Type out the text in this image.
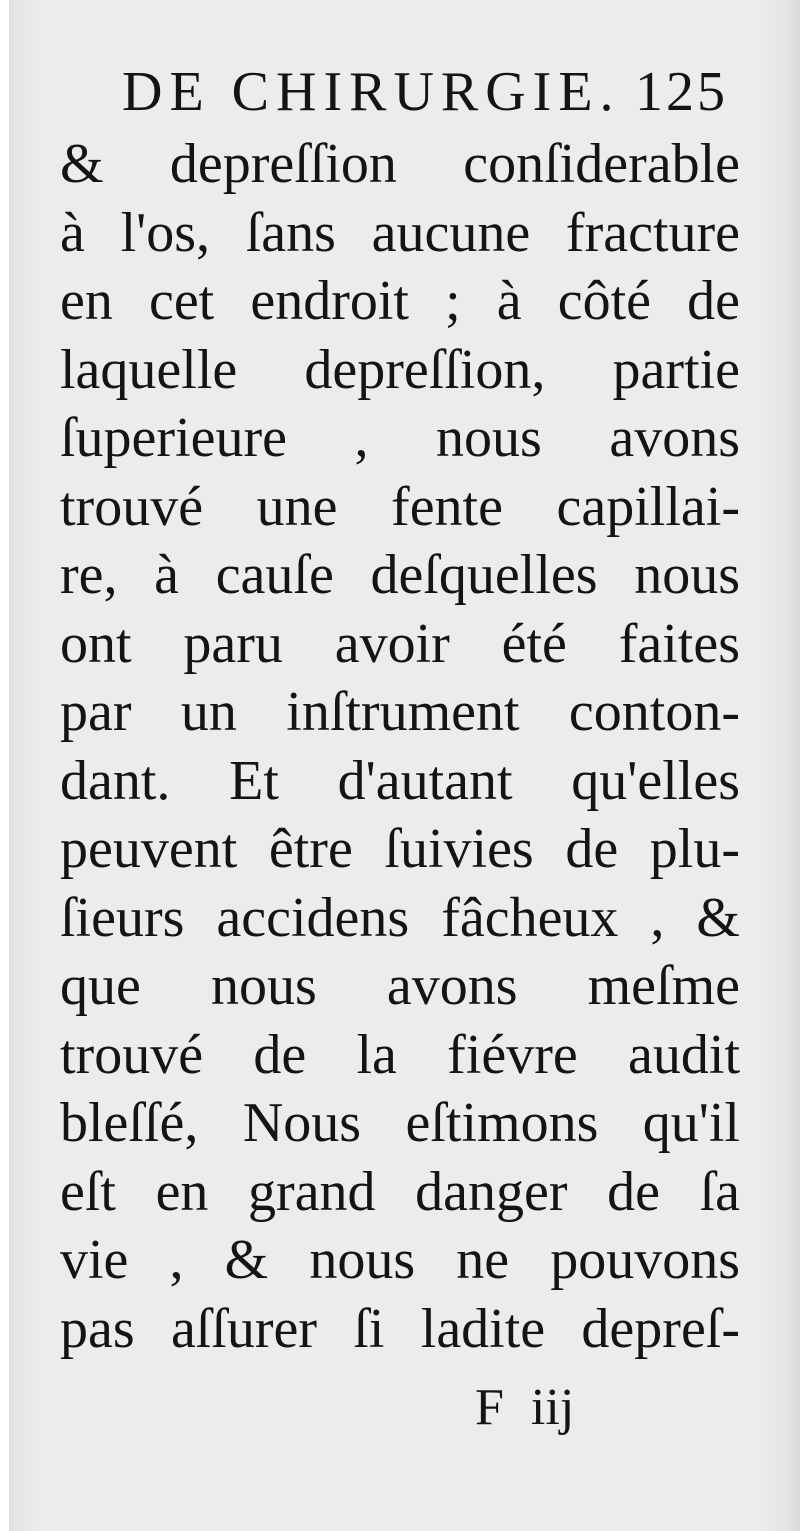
DE CHIRURGIE. 125
& depreſſion conſiderable
à l'os, ſans aucune fracture
en cet endroit ; à côté de
laquelle depreſſion, partie
ſuperieure , nous avons
trouvé une fente capillai-
re, à cauſe deſquelles nous
ont paru avoir été faites
par un inſtrument conton-
dant. Et d'autant qu'elles
peuvent être ſuivies de plu-
ſieurs accidens fâcheux , &
que nous avons meſme
trouvé de la fiévre audit
bleſſé, Nous eſtimons qu'il
eſt en grand danger de ſa
vie , & nous ne pouvons
pas aſſurer ſi ladite depreſ-
F iij
